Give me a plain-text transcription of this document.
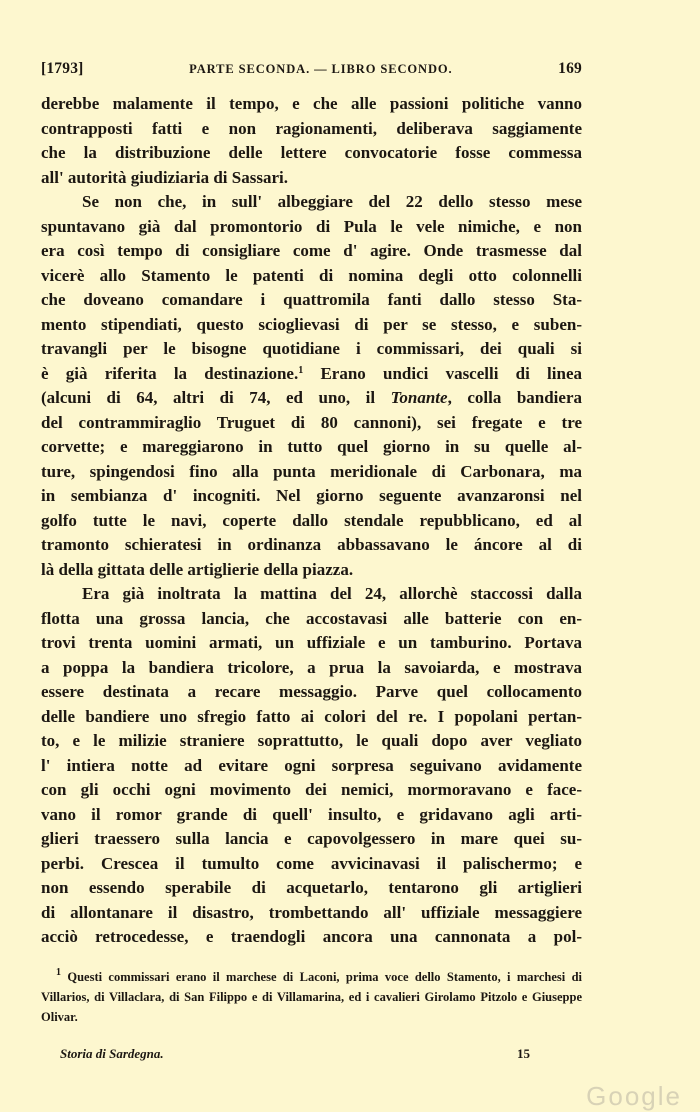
[1793]	PARTE SECONDA. — LIBRO SECONDO.	169

derebbe malamente il tempo, e che alle passioni politiche vanno
contrapposti fatti e non ragionamenti, deliberava saggiamente
che la distribuzione delle lettere convocatorie fosse commessa
all' autorità giudiziaria di Sassari.

Se non che, in sull' albeggiare del 22 dello stesso mese
spuntavano già dal promontorio di Pula le vele nimiche, e non
era così tempo di consigliare come d' agire. Onde trasmesse dal
vicerè allo Stamento le patenti di nomina degli otto colonnelli
che doveano comandare i quattromila fanti dallo stesso Sta-
mento stipendiati, questo scioglievasi di per se stesso, e suben-
travangli per le bisogne quotidiane i commissari, dei quali si
è già riferita la destinazione.$^1$ Erano undici vascelli di linea
(alcuni di 64, altri di 74, ed uno, il Tonante, colla bandiera
del contrammiraglio Truguet di 80 cannoni), sei fregate e tre
corvette; e mareggiarono in tutto quel giorno in su quelle al-
ture, spingendosi fino alla punta meridionale di Carbonara, ma
in sembianza d' incogniti. Nel giorno seguente avanzaronsi nel
golfo tutte le navi, coperte dallo stendale repubblicano, ed al
tramonto schieratesi in ordinanza abbassavano le áncore al di
là della gittata delle artiglierie della piazza.

Era già inoltrata la mattina del 24, allorchè staccossi dalla
flotta una grossa lancia, che accostavasi alle batterie con en-
trovi trenta uomini armati, un uffiziale e un tamburino. Portava
a poppa la bandiera tricolore, a prua la savoiarda, e mostrava
essere destinata a recare messaggio. Parve quel collocamento
delle bandiere uno sfregio fatto ai colori del re. I popolani pertan-
to, e le milizie straniere soprattutto, le quali dopo aver vegliato
l' intiera notte ad evitare ogni sorpresa seguivano avidamente
con gli occhi ogni movimento dei nemici, mormoravano e face-
vano il romor grande di quell' insulto, e gridavano agli arti-
glieri traessero sulla lancia e capovolgessero in mare quei su-
perbi. Crescea il tumulto come avvicinavasi il palischermo; e
non essendo sperabile di acquetarlo, tentarono gli artiglieri
di allontanare il disastro, trombettando all' uffiziale messaggiere
acciò retrocedesse, e traendogli ancora una cannonata a pol-

$^1$ Questi commissari erano il marchese di Laconi, prima voce dello Stamento, i marchesi di Villarios, di Villaclara, di San Filippo e di Villamarina, ed i cavalieri Girolamo Pitzolo e Giuseppe Olivar.
Storia di Sardegna.	15
Google
